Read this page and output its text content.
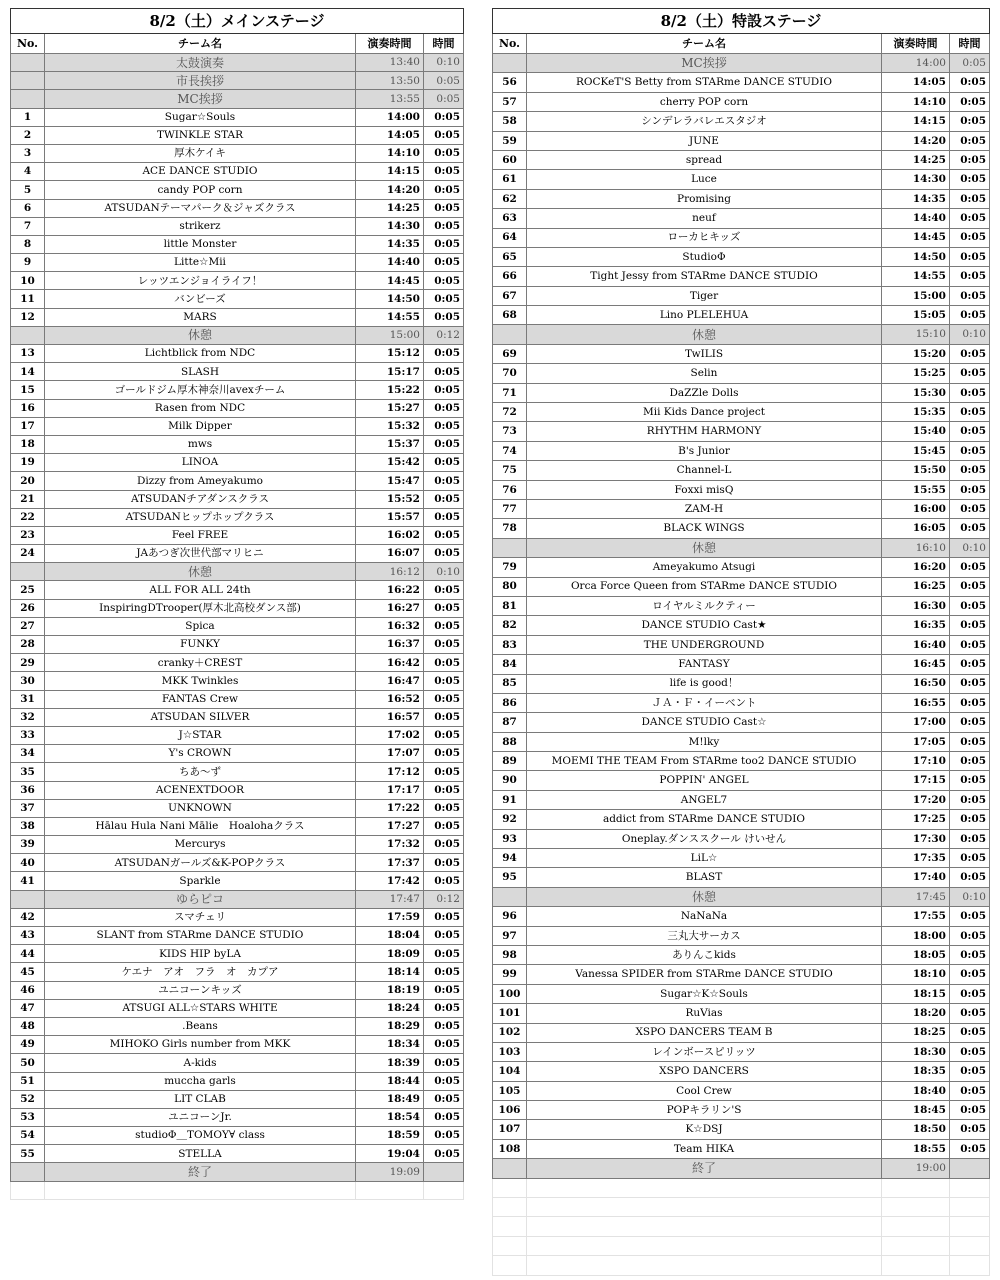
8/2（土）メインステージ			
No.	チーム名	演奏時間	時間
	太鼓演奏	13:40	0:10
	市長挨拶	13:50	0:05
	MC挨拶	13:55	0:05
1	Sugar☆Souls	14:00	0:05
2	TWINKLE STAR	14:05	0:05
3	厚木ケイキ	14:10	0:05
4	ACE DANCE STUDIO	14:15	0:05
5	candy POP corn	14:20	0:05
6	ATSUDANテーマパーク＆ジャズクラス	14:25	0:05
7	strikerz	14:30	0:05
8	little Monster	14:35	0:05
9	Litte☆Mii	14:40	0:05
10	レッツエンジョイライフ！	14:45	0:05
11	バンビーズ	14:50	0:05
12	MARS	14:55	0:05
	休憩	15:00	0:12
13	Lichtblick from NDC	15:12	0:05
14	SLASH	15:17	0:05
15	ゴールドジム厚木神奈川avexチーム	15:22	0:05
16	Rasen from NDC	15:27	0:05
17	Milk Dipper	15:32	0:05
18	mws	15:37	0:05
19	LINOA	15:42	0:05
20	Dizzy from Ameyakumo	15:47	0:05
21	ATSUDANチアダンスクラス	15:52	0:05
22	ATSUDANヒップホップクラス	15:57	0:05
23	Feel FREE	16:02	0:05
24	JAあつぎ次世代部マリヒニ	16:07	0:05
	休憩	16:12	0:10
25	ALL FOR ALL 24th	16:22	0:05
26	InspiringDTrooper(厚木北高校ダンス部)	16:27	0:05
27	Spica	16:32	0:05
28	FUNKY	16:37	0:05
29	cranky＋CREST	16:42	0:05
30	MKK Twinkles	16:47	0:05
31	FANTAS Crew	16:52	0:05
32	ATSUDAN SILVER	16:57	0:05
33	J☆STAR	17:02	0:05
34	Y's CROWN	17:07	0:05
35	ちあ～ず	17:12	0:05
36	ACENEXTDOOR	17:17	0:05
37	UNKNOWN	17:22	0:05
38	Hālau Hula Nani Mālie　Hoalohaクラス	17:27	0:05
39	Mercurys	17:32	0:05
40	ATSUDANガールズ&K-POPクラス	17:37	0:05
41	Sparkle	17:42	0:05
	ゆらピコ	17:47	0:12
42	スマチェリ	17:59	0:05
43	SLANT from STARme DANCE STUDIO	18:04	0:05
44	KIDS HIP byLA	18:09	0:05
45	ケエナ　アオ　フラ　オ　カプア	18:14	0:05
46	ユニコーンキッズ	18:19	0:05
47	ATSUGI ALL☆STARS WHITE	18:24	0:05
48	.Beans	18:29	0:05
49	MIHOKO Girls number from MKK	18:34	0:05
50	A-kids	18:39	0:05
51	muccha garls	18:44	0:05
52	LIT CLAB	18:49	0:05
53	ユニコーンJr.	18:54	0:05
54	studioΦ＿TOMOY∀ class	18:59	0:05
55	STELLA	19:04	0:05
	終了	19:09	

8/2（土）特設ステージ			
No.	チーム名	演奏時間	時間
	MC挨拶	14:00	0:05
56	ROCKeT'S Betty from STARme DANCE STUDIO	14:05	0:05
57	cherry POP corn	14:10	0:05
58	シンデレラバレエスタジオ	14:15	0:05
59	JUNE	14:20	0:05
60	spread	14:25	0:05
61	Luce	14:30	0:05
62	Promising	14:35	0:05
63	neuf	14:40	0:05
64	ローカヒキッズ	14:45	0:05
65	StudioΦ	14:50	0:05
66	Tight Jessy from STARme DANCE STUDIO	14:55	0:05
67	Tiger	15:00	0:05
68	Lino PLELEHUA	15:05	0:05
	休憩	15:10	0:10
69	TwILIS	15:20	0:05
70	Selin	15:25	0:05
71	DaZZle Dolls	15:30	0:05
72	Mii Kids Dance project	15:35	0:05
73	RHYTHM HARMONY	15:40	0:05
74	B's Junior	15:45	0:05
75	Channel-L	15:50	0:05
76	Foxxi misQ	15:55	0:05
77	ZAM-H	16:00	0:05
78	BLACK WINGS	16:05	0:05
	休憩	16:10	0:10
79	Ameyakumo Atsugi	16:20	0:05
80	Orca Force Queen from STARme DANCE STUDIO	16:25	0:05
81	ロイヤルミルクティー	16:30	0:05
82	DANCE STUDIO Cast★	16:35	0:05
83	THE UNDERGROUND	16:40	0:05
84	FANTASY	16:45	0:05
85	life is good！	16:50	0:05
86	ＪＡ・Ｆ・イーベント	16:55	0:05
87	DANCE STUDIO Cast☆	17:00	0:05
88	M!lky	17:05	0:05
89	MOEMI THE TEAM From STARme too2 DANCE STUDIO	17:10	0:05
90	POPPIN' ANGEL	17:15	0:05
91	ANGEL7	17:20	0:05
92	addict from STARme DANCE STUDIO	17:25	0:05
93	Oneplay.ダンススクール けいせん	17:30	0:05
94	LiL☆	17:35	0:05
95	BLAST	17:40	0:05
	休憩	17:45	0:10
96	NaNaNa	17:55	0:05
97	三丸大サーカス	18:00	0:05
98	ありんこkids	18:05	0:05
99	Vanessa SPIDER from STARme DANCE STUDIO	18:10	0:05
100	Sugar☆K☆Souls	18:15	0:05
101	RuVias	18:20	0:05
102	XSPO DANCERS TEAM B	18:25	0:05
103	レインボースピリッツ	18:30	0:05
104	XSPO DANCERS	18:35	0:05
105	Cool Crew	18:40	0:05
106	POPキラリン'S	18:45	0:05
107	K☆DSJ	18:50	0:05
108	Team HIKA	18:55	0:05
	終了	19:00	
